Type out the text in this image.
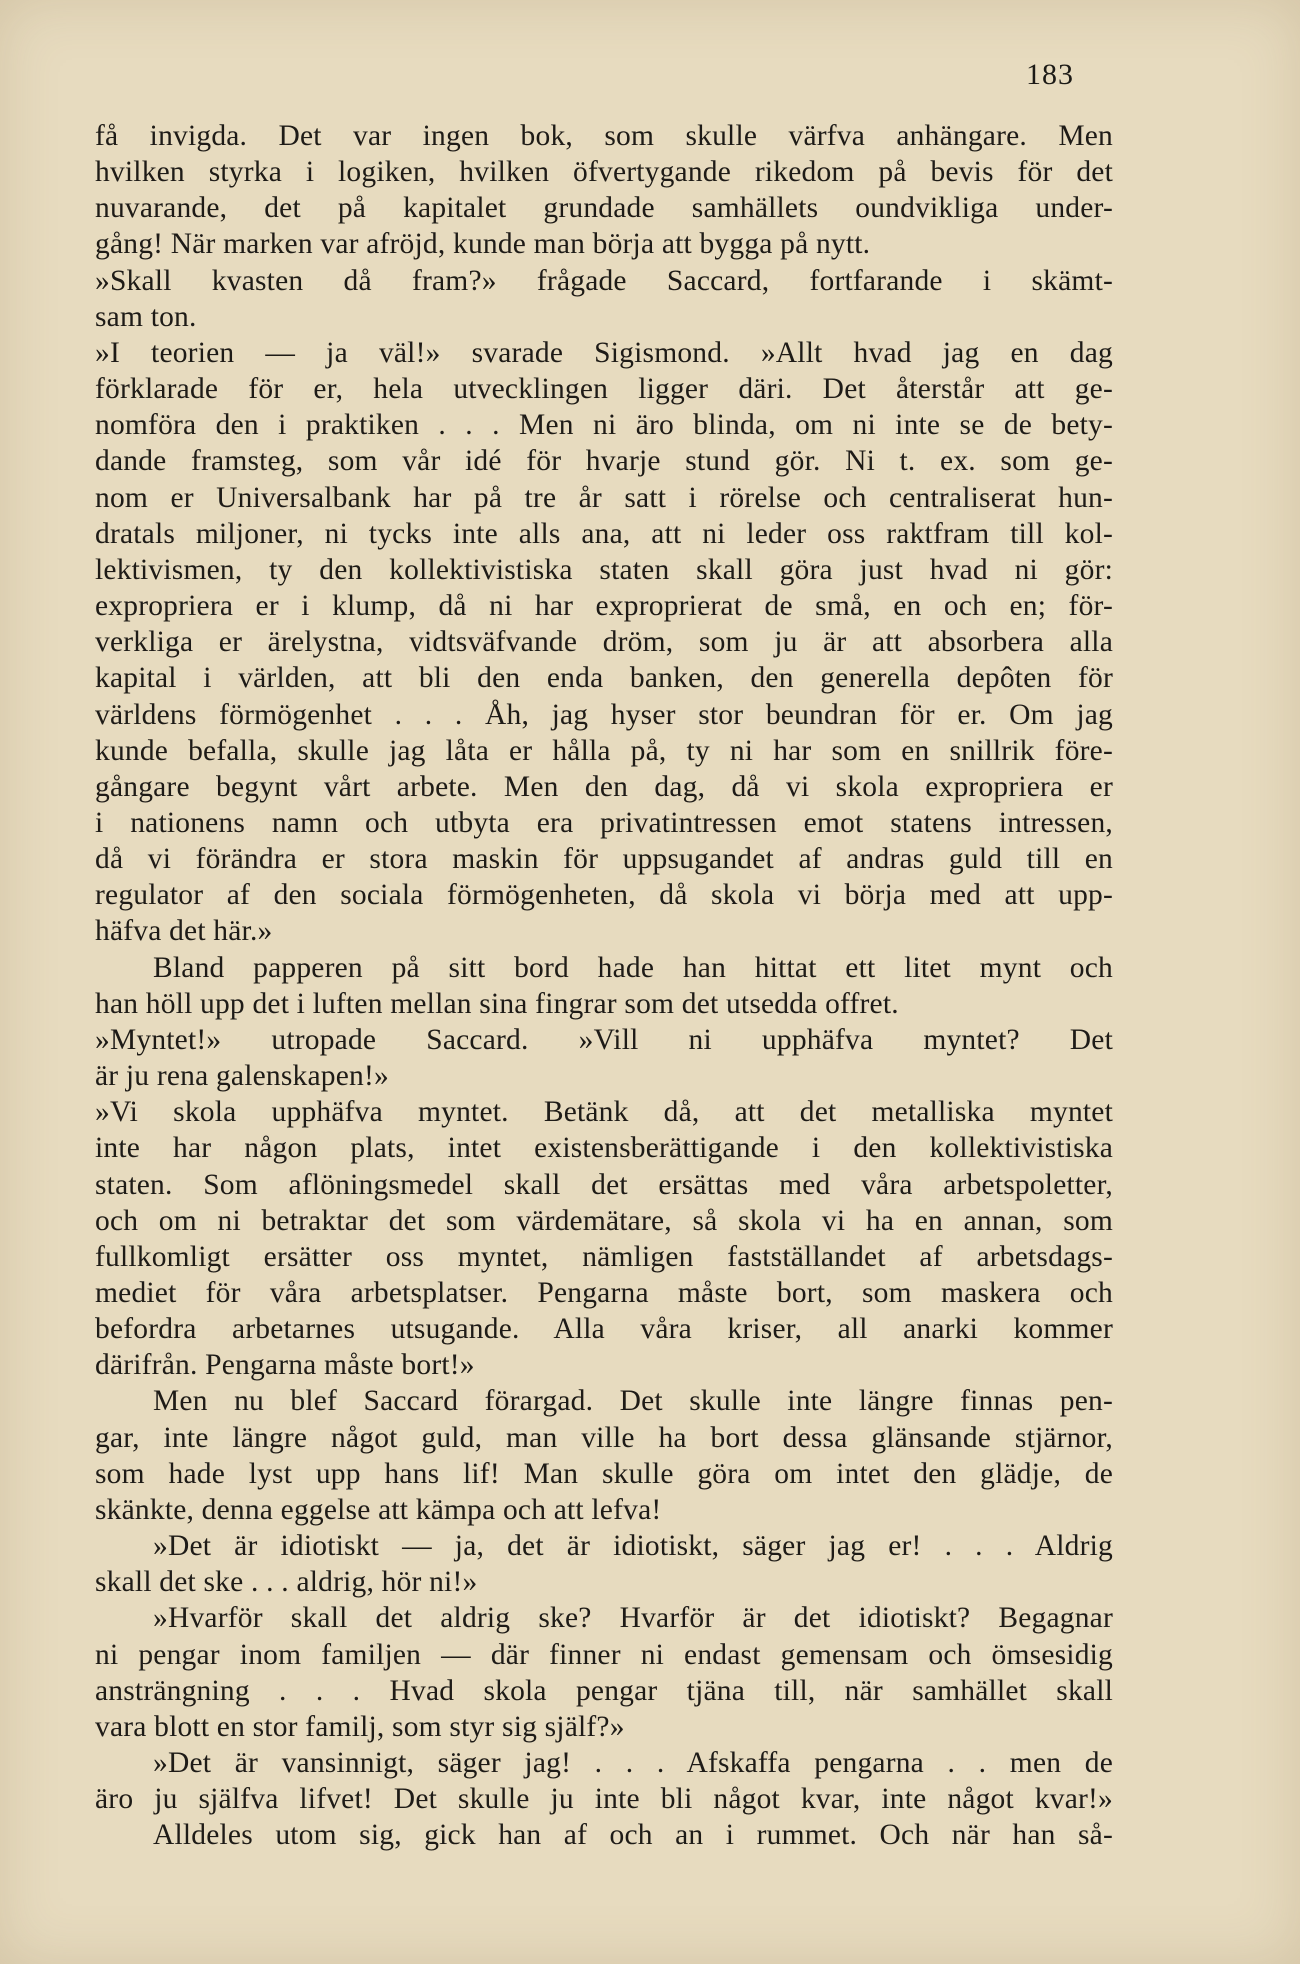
183
få invigda. Det var ingen bok, som skulle värfva anhängare. Men
hvilken styrka i logiken, hvilken öfvertygande rikedom på bevis för det
nuvarande, det på kapitalet grundade samhällets oundvikliga under-
gång! När marken var afröjd, kunde man börja att bygga på nytt.
»Skall kvasten då fram?» frågade Saccard, fortfarande i skämt-
sam ton.
»I teorien — ja väl!» svarade Sigismond. »Allt hvad jag en dag
förklarade för er, hela utvecklingen ligger däri. Det återstår att ge-
nomföra den i praktiken . . . Men ni äro blinda, om ni inte se de bety-
dande framsteg, som vår idé för hvarje stund gör. Ni t. ex. som ge-
nom er Universalbank har på tre år satt i rörelse och centraliserat hun-
dratals miljoner, ni tycks inte alls ana, att ni leder oss raktfram till kol-
lektivismen, ty den kollektivistiska staten skall göra just hvad ni gör:
expropriera er i klump, då ni har exproprierat de små, en och en; för-
verkliga er ärelystna, vidtsväfvande dröm, som ju är att absorbera alla
kapital i världen, att bli den enda banken, den generella depôten för
världens förmögenhet . . . Åh, jag hyser stor beundran för er. Om jag
kunde befalla, skulle jag låta er hålla på, ty ni har som en snillrik före-
gångare begynt vårt arbete. Men den dag, då vi skola expropriera er
i nationens namn och utbyta era privatintressen emot statens intressen,
då vi förändra er stora maskin för uppsugandet af andras guld till en
regulator af den sociala förmögenheten, då skola vi börja med att upp-
häfva det här.»
Bland papperen på sitt bord hade han hittat ett litet mynt och
han höll upp det i luften mellan sina fingrar som det utsedda offret.
»Myntet!» utropade Saccard. »Vill ni upphäfva myntet? Det
är ju rena galenskapen!»
»Vi skola upphäfva myntet. Betänk då, att det metalliska myntet
inte har någon plats, intet existensberättigande i den kollektivistiska
staten. Som aflöningsmedel skall det ersättas med våra arbetspoletter,
och om ni betraktar det som värdemätare, så skola vi ha en annan, som
fullkomligt ersätter oss myntet, nämligen fastställandet af arbetsdags-
mediet för våra arbetsplatser. Pengarna måste bort, som maskera och
befordra arbetarnes utsugande. Alla våra kriser, all anarki kommer
därifrån. Pengarna måste bort!»
Men nu blef Saccard förargad. Det skulle inte längre finnas pen-
gar, inte längre något guld, man ville ha bort dessa glänsande stjärnor,
som hade lyst upp hans lif! Man skulle göra om intet den glädje, de
skänkte, denna eggelse att kämpa och att lefva!
»Det är idiotiskt — ja, det är idiotiskt, säger jag er! . . . Aldrig
skall det ske . . . aldrig, hör ni!»
»Hvarför skall det aldrig ske? Hvarför är det idiotiskt? Begagnar
ni pengar inom familjen — där finner ni endast gemensam och ömsesidig
ansträngning . . . Hvad skola pengar tjäna till, när samhället skall
vara blott en stor familj, som styr sig själf?»
»Det är vansinnigt, säger jag! . . . Afskaffa pengarna . . men de
äro ju själfva lifvet! Det skulle ju inte bli något kvar, inte något kvar!»
Alldeles utom sig, gick han af och an i rummet. Och när han så-
